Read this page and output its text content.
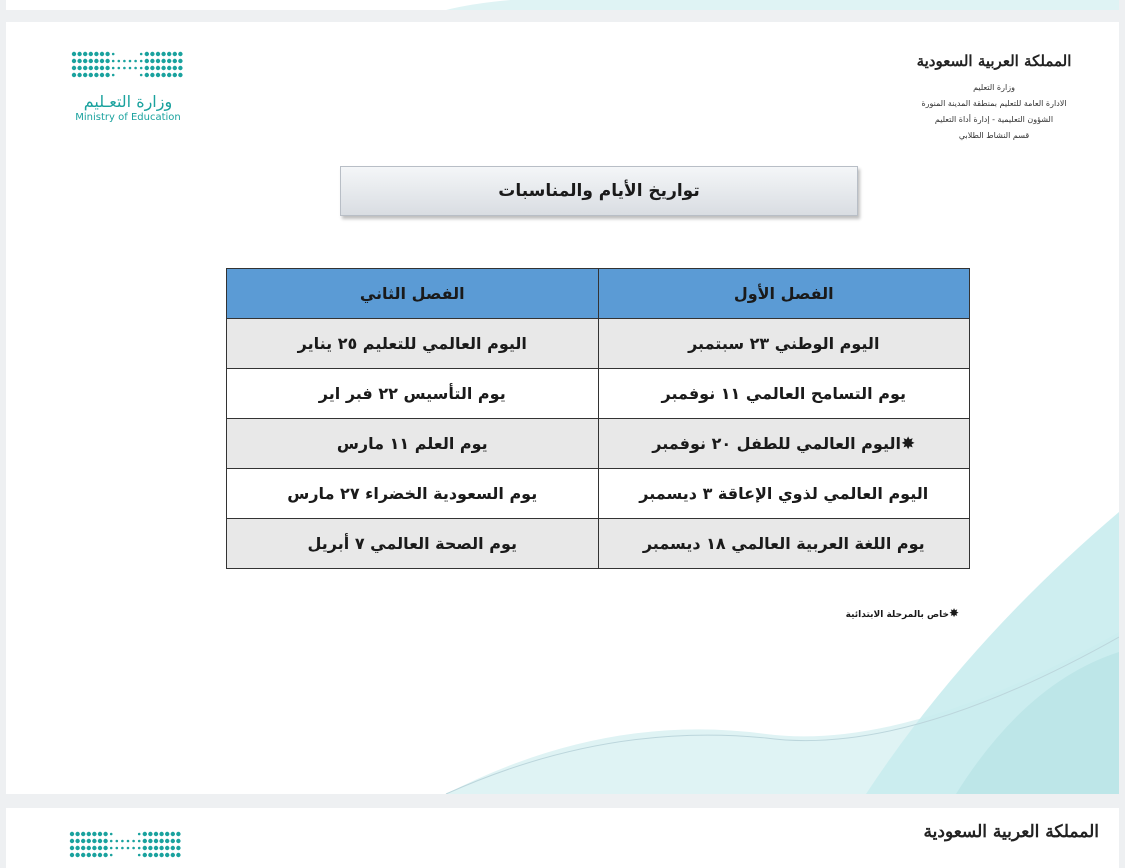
وزارة التعـليم
Ministry of Education
المملكة العربية السعودية
وزارة التعليم
الادارة العامة للتعليم بمنطقة المدينة المنورة
الشؤون التعليمية - إدارة أداة التعليم
قسم النشاط الطلابي
تواريخ الأيام والمناسبات
الفصل الأول	الفصل الثاني
اليوم الوطني ٢٣ سبتمبر	اليوم العالمي للتعليم ٢٥ يناير
يوم التسامح العالمي ١١ نوفمبر	يوم التأسيس ٢٢ فبر اير
✸اليوم العالمي للطفل ٢٠ نوفمبر	يوم العلم ١١ مارس
اليوم العالمي لذوي الإعاقة ٣ ديسمبر	يوم السعودية الخضراء ٢٧ مارس
يوم اللغة العربية العالمي ١٨ ديسمبر	يوم الصحة العالمي ٧ أبريل
✸خاص بالمرحلة الابتدائية
المملكة العربية السعودية
